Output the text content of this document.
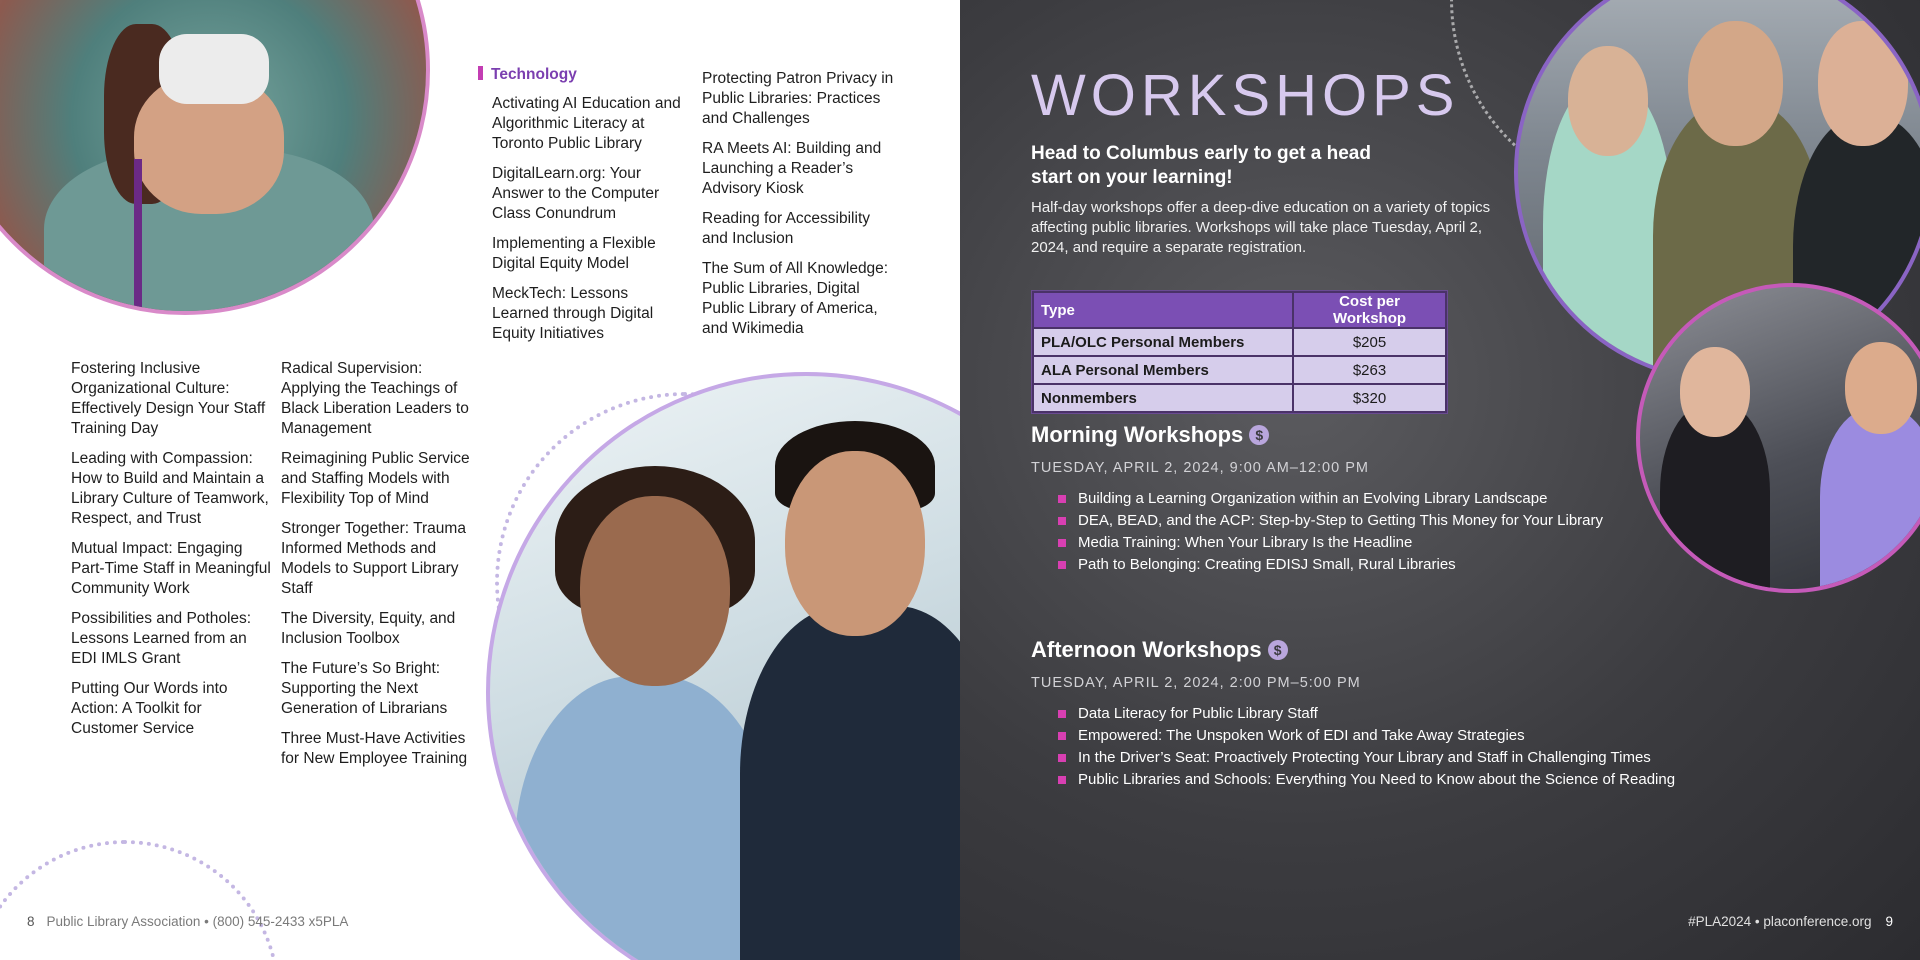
Fostering Inclusive Organizational Culture: Effectively Design Your Staff Training Day
Leading with Compassion: How to Build and Maintain a Library Culture of Teamwork, Respect, and Trust
Mutual Impact: Engaging Part-Time Staff in Meaningful Community Work
Possibilities and Potholes: Lessons Learned from an EDI IMLS Grant
Putting Our Words into Action: A Toolkit for Customer Service
Radical Supervision: Applying the Teachings of Black Liberation Leaders to Management
Reimagining Public Service and Staffing Models with Flexibility Top of Mind
Stronger Together: Trauma Informed Methods and Models to Support Library Staff
The Diversity, Equity, and Inclusion Toolbox
The Future’s So Bright: Supporting the Next Generation of Librarians
Three Must-Have Activities for New Employee Training
Technology
Activating AI Education and Algorithmic Literacy at Toronto Public Library
DigitalLearn.org: Your Answer to the Computer Class Conundrum
Implementing a Flexible Digital Equity Model
MeckTech: Lessons Learned through Digital Equity Initiatives
Protecting Patron Privacy in Public Libraries: Practices and Challenges
RA Meets AI: Building and Launching a Reader’s Advisory Kiosk
Reading for Accessibility and Inclusion
The Sum of All Knowledge: Public Libraries, Digital Public Library of America, and Wikimedia
8 Public Library Association • (800) 545-2433 x5PLA
WORKSHOPS
Head to Columbus early to get a head start on your learning!

Half-day workshops offer a deep-dive education on a variety of topics affecting public libraries. Workshops will take place Tuesday, April 2, 2024, and require a separate registration.

Type	Cost per Workshop
PLA/OLC Personal Members	$205
ALA Personal Members	$263
Nonmembers	$320
Morning Workshops $
TUESDAY, APRIL 2, 2024, 9:00 AM–12:00 PM
Building a Learning Organization within an Evolving Library Landscape
DEA, BEAD, and the ACP: Step-by-Step to Getting This Money for Your Library
Media Training: When Your Library Is the Headline
Path to Belonging: Creating EDISJ Small, Rural Libraries
Afternoon Workshops $
TUESDAY, APRIL 2, 2024, 2:00 PM–5:00 PM
Data Literacy for Public Library Staff
Empowered: The Unspoken Work of EDI and Take Away Strategies
In the Driver’s Seat: Proactively Protecting Your Library and Staff in Challenging Times
Public Libraries and Schools: Everything You Need to Know about the Science of Reading
#PLA2024 • placonference.org 9
